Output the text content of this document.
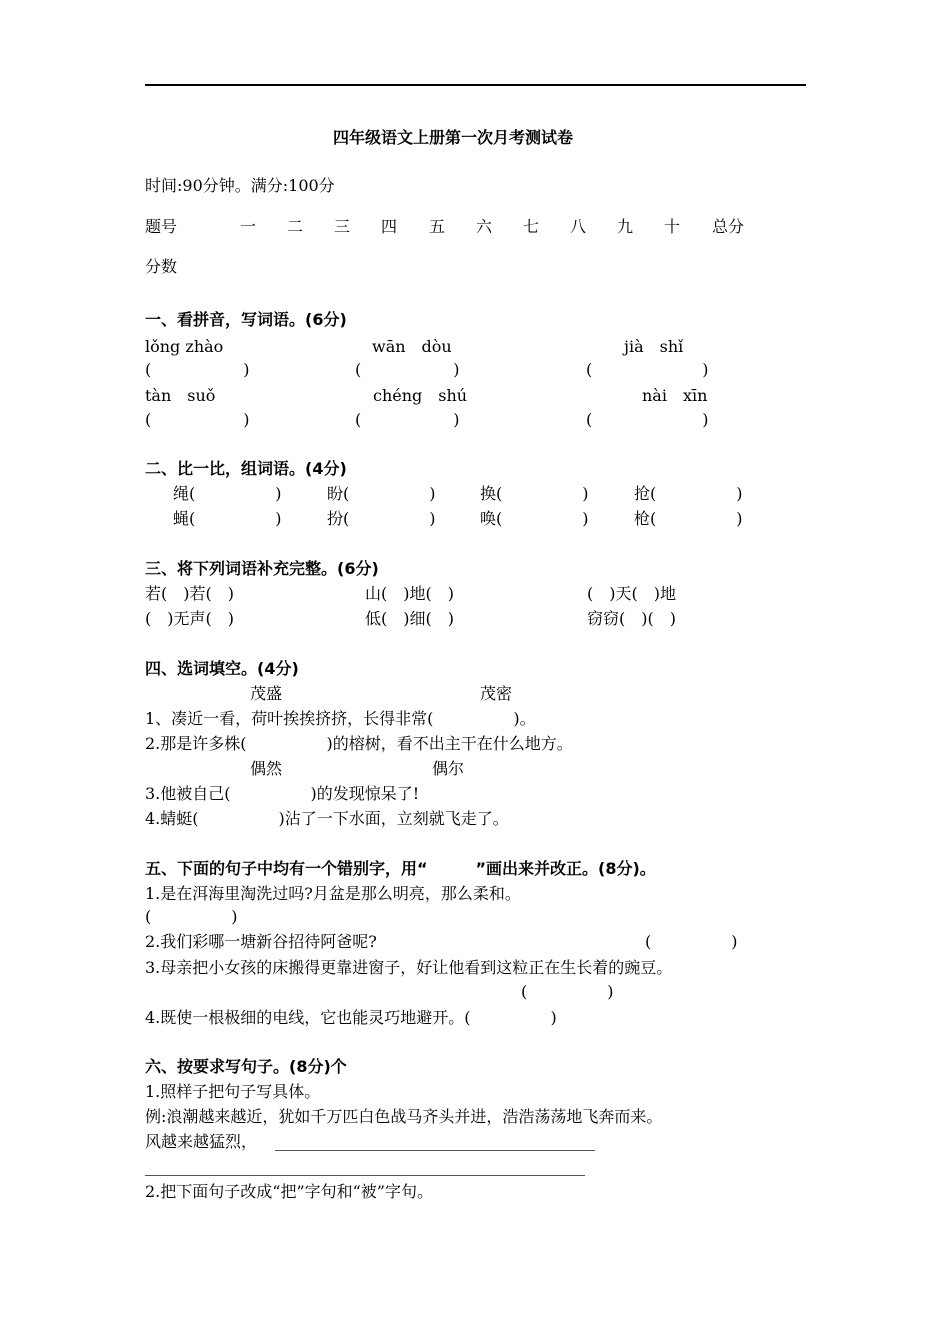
四年级语文上册第一次月考测试卷
时间:90分钟。满分:100分
题号	一 二 三 四 五 六 七 八 九 十 总分
分数
一、看拼音，写词语。(6分)
lǒng zhào	wān　dòu	jià　shǐ
(　　　　　)	(　　　　　)	(　　　　　)
tàn　suǒ	chéng　shú	nài　xīn
(　　　　　)	(　　　　　)	(　　　　　)
二、比一比，组词语。(4分)
绳(　　　　　)	盼(　　　　　)	换(　　　　　)	抢(　　　　　)
蝇(　　　　　)	扮(　　　　　)	唤(　　　　　)	枪(　　　　　)
三、将下列词语补充完整。(6分)
若(　)若(　)	山(　)地(　)	(　)天(　)地
(　)无声(　)	低(　)细(　)	窃窃(　)(　)
四、选词填空。(4分)
茂盛	茂密
1、凑近一看，荷叶挨挨挤挤，长得非常(　　　　　)。
2.那是许多株(　　　　　)的榕树，看不出主干在什么地方。
偶然	偶尔
3.他被自己(　　　　　)的发现惊呆了!
4.蜻蜓(　　　　　)沾了一下水面，立刻就飞走了。
五、下面的句子中均有一个错别字，用“　　　”画出来并改正。(8分)。
1.是在洱海里淘洗过吗?月盆是那么明亮，那么柔和。
(　　　　　)
2.我们彩哪一塘新谷招待阿爸呢?	(　　　　　)
3.母亲把小女孩的床搬得更靠进窗子，好让他看到这粒正在生长着的豌豆。
(　　　　　)
4.既使一根极细的电线，它也能灵巧地避开。(　　　　　)
六、按要求写句子。(8分)个
1.照样子把句子写具体。
例:浪潮越来越近，犹如千万匹白色战马齐头并进，浩浩荡荡地飞奔而来。
风越来越猛烈，
2.把下面句子改成“把”字句和“被”字句。
